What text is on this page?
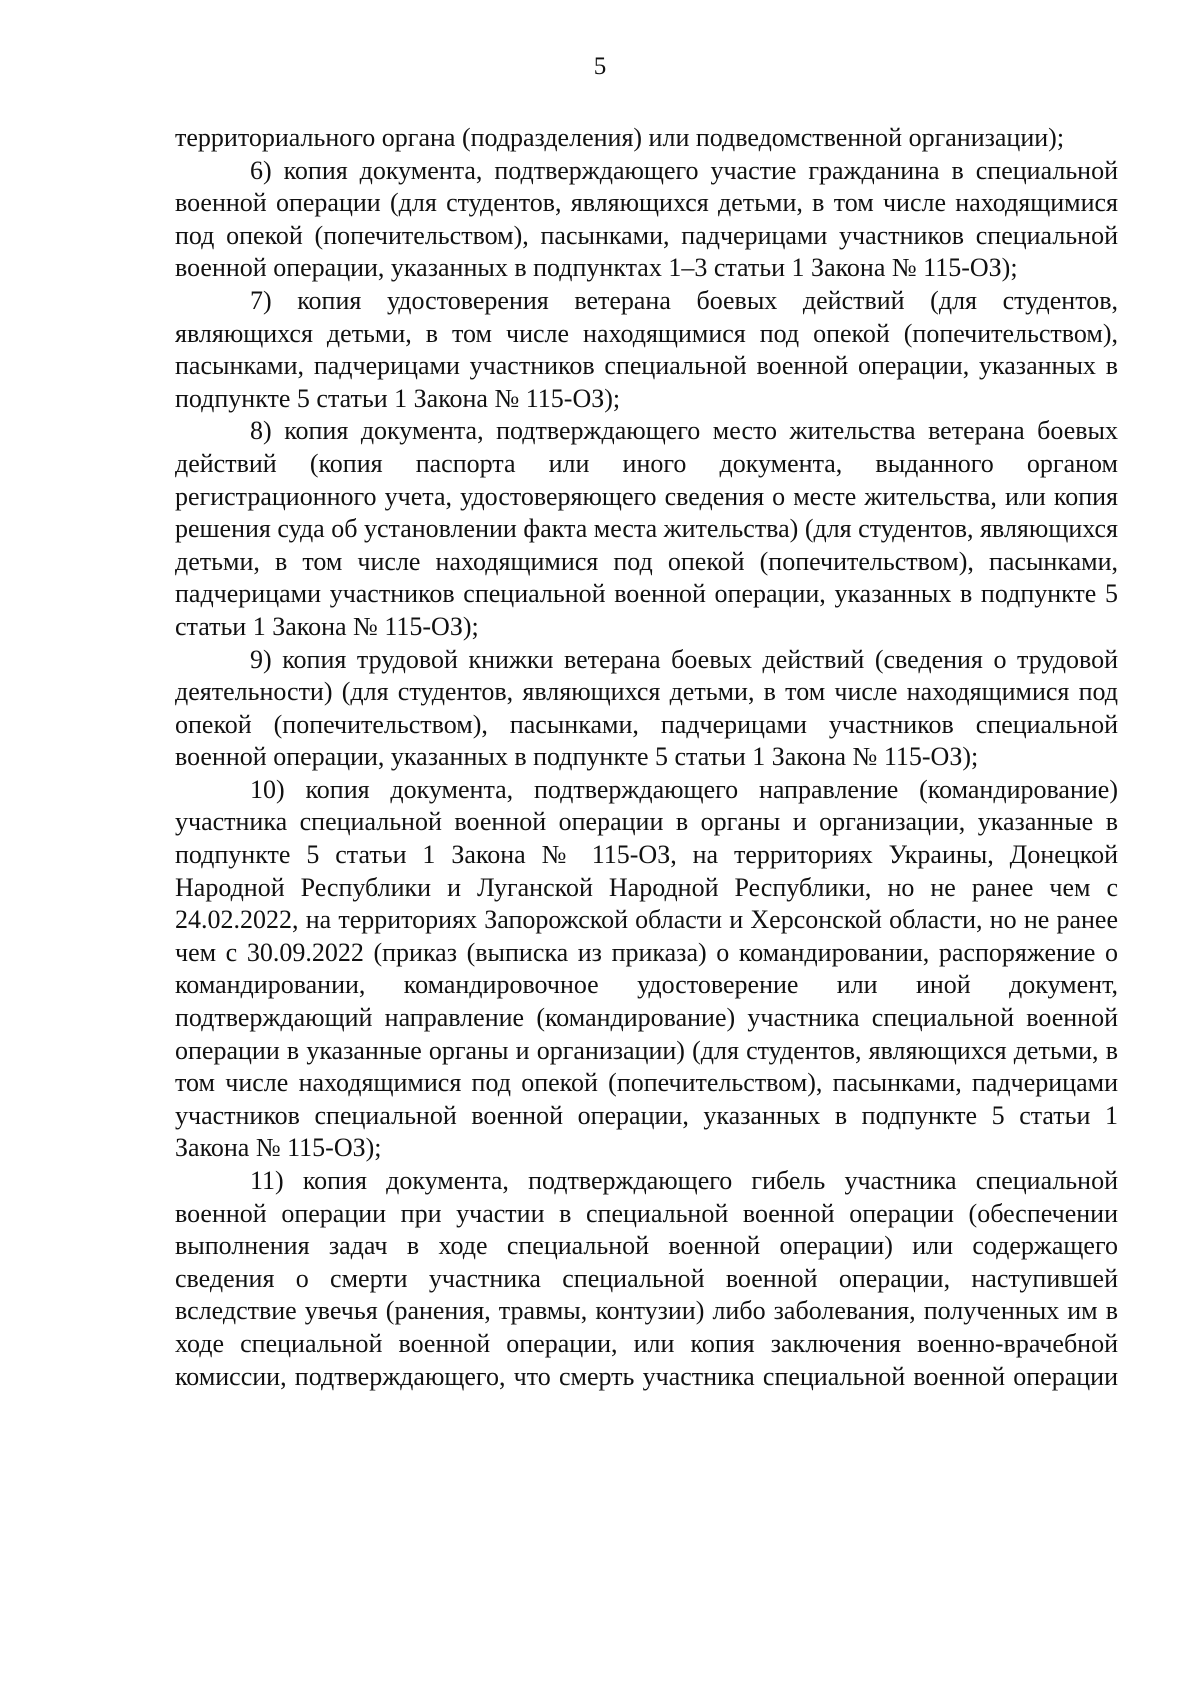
5

территориального органа (подразделения) или подведомственной организации);

6) копия документа, подтверждающего участие гражданина в специальной военной операции (для студентов, являющихся детьми, в том числе находящимися под опекой (попечительством), пасынками, падчерицами участников специальной военной операции, указанных в подпунктах 1–3 статьи 1 Закона № 115-ОЗ);

7) копия удостоверения ветерана боевых действий (для студентов, являющихся детьми, в том числе находящимися под опекой (попечительством), пасынками, падчерицами участников специальной военной операции, указанных в подпункте 5 статьи 1 Закона № 115-ОЗ);

8) копия документа, подтверждающего место жительства ветерана боевых действий (копия паспорта или иного документа, выданного органом регистрационного учета, удостоверяющего сведения о месте жительства, или копия решения суда об установлении факта места жительства) (для студентов, являющихся детьми, в том числе находящимися под опекой (попечительством), пасынками, падчерицами участников специальной военной операции, указанных в подпункте 5 статьи 1 Закона № 115-ОЗ);

9) копия трудовой книжки ветерана боевых действий (сведения о трудовой деятельности) (для студентов, являющихся детьми, в том числе находящимися под опекой (попечительством), пасынками, падчерицами участников специальной военной операции, указанных в подпункте 5 статьи 1 Закона № 115-ОЗ);

10) копия документа, подтверждающего направление (командирование) участника специальной военной операции в органы и организации, указанные в подпункте 5 статьи 1 Закона № 115-ОЗ, на территориях Украины, Донецкой Народной Республики и Луганской Народной Республики, но не ранее чем с 24.02.2022, на территориях Запорожской области и Херсонской области, но не ранее чем с 30.09.2022 (приказ (выписка из приказа) о командировании, распоряжение о командировании, командировочное удостоверение или иной документ, подтверждающий направление (командирование) участника специальной военной операции в указанные органы и организации) (для студентов, являющихся детьми, в том числе находящимися под опекой (попечительством), пасынками, падчерицами участников специальной военной операции, указанных в подпункте 5 статьи 1 Закона № 115-ОЗ);

11) копия документа, подтверждающего гибель участника специальной военной операции при участии в специальной военной операции (обеспечении выполнения задач в ходе специальной военной операции) или содержащего сведения о смерти участника специальной военной операции, наступившей вследствие увечья (ранения, травмы, контузии) либо заболевания, полученных им в ходе специальной военной операции, или копия заключения военно-врачебной комиссии, подтверждающего, что смерть участника специальной военной операции
